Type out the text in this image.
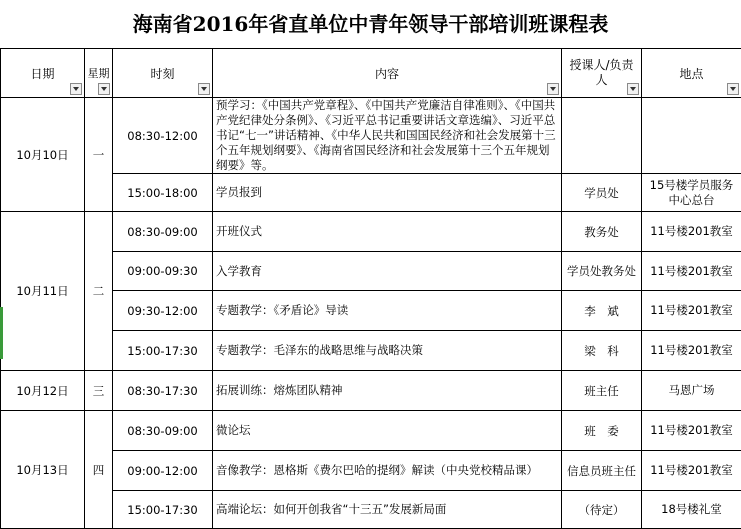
海南省2016年省直单位中青年领导干部培训班课程表
日期	星期	时刻	内容	授课人/负责人	地点

10月10日	一	08:30-12:00	预学习：《中国共产党章程》、《中国共产党廉洁自律准则》、《中国共产党纪律处分条例》、《习近平总书记重要讲话文章选编》、习近平总书记“七一”讲话精神、《中华人民共和国国民经济和社会发展第十三个五年规划纲要》、《海南省国民经济和社会发展第十三个五年规划纲要》等。		
		15:00-18:00	学员报到	学员处	15号楼学员服务中心总台
10月11日	二	08:30-09:00	开班仪式	教务处	11号楼201教室
		09:00-09:30	入学教育	学员处教务处	11号楼201教室
		09:30-12:00	专题教学：《矛盾论》导读	李　斌	11号楼201教室
		15:00-17:30	专题教学：毛泽东的战略思维与战略决策	梁　科	11号楼201教室
10月12日	三	08:30-17:30	拓展训练：熔炼团队精神	班主任	马恩广场
10月13日	四	08:30-09:00	微论坛	班　委	11号楼201教室
		09:00-12:00	音像教学：恩格斯《费尔巴哈的提纲》解读（中央党校精品课）	信息员班主任	11号楼201教室
		15:00-17:30	高端论坛：如何开创我省“十三五”发展新局面	（待定）	18号楼礼堂
